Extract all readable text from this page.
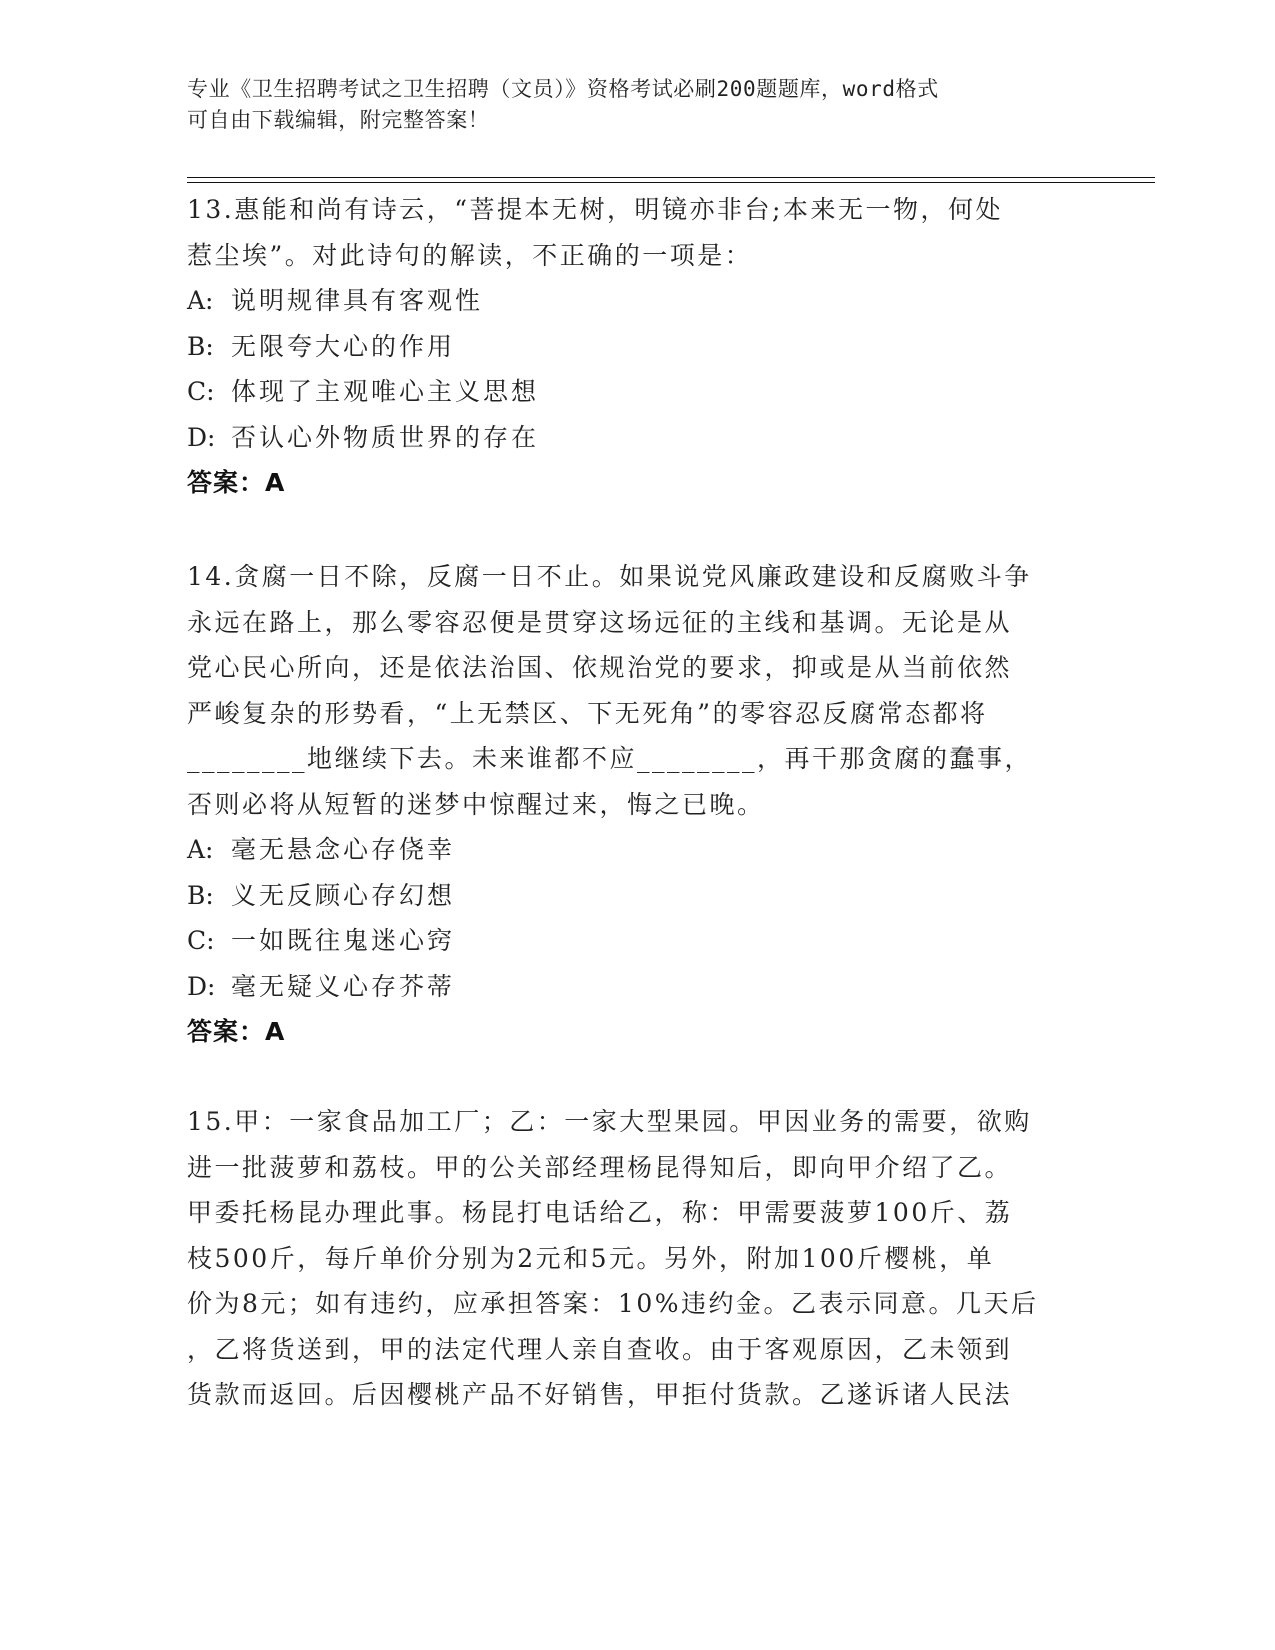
专业《卫生招聘考试之卫生招聘（文员）》资格考试必刷200题题库，word格式
可自由下载编辑，附完整答案！
13.惠能和尚有诗云，“菩提本无树，明镜亦非台;本来无一物，何处
惹尘埃”。对此诗句的解读，不正确的一项是：
A: 说明规律具有客观性
B: 无限夸大心的作用
C: 体现了主观唯心主义思想
D: 否认心外物质世界的存在
答案：A
14.贪腐一日不除，反腐一日不止。如果说党风廉政建设和反腐败斗争
永远在路上，那么零容忍便是贯穿这场远征的主线和基调。无论是从
党心民心所向，还是依法治国、依规治党的要求，抑或是从当前依然
严峻复杂的形势看，“上无禁区、下无死角”的零容忍反腐常态都将
________地继续下去。未来谁都不应________，再干那贪腐的蠢事，
否则必将从短暂的迷梦中惊醒过来，悔之已晚。
A: 毫无悬念心存侥幸
B: 义无反顾心存幻想
C: 一如既往鬼迷心窍
D: 毫无疑义心存芥蒂
答案：A
15.甲：一家食品加工厂；乙：一家大型果园。甲因业务的需要，欲购
进一批菠萝和荔枝。甲的公关部经理杨昆得知后，即向甲介绍了乙。
甲委托杨昆办理此事。杨昆打电话给乙，称：甲需要菠萝100斤、荔
枝500斤，每斤单价分别为2元和5元。另外，附加100斤樱桃，单
价为8元；如有违约，应承担答案：10%违约金。乙表示同意。几天后
，乙将货送到，甲的法定代理人亲自查收。由于客观原因，乙未领到
货款而返回。后因樱桃产品不好销售，甲拒付货款。乙遂诉诸人民法
